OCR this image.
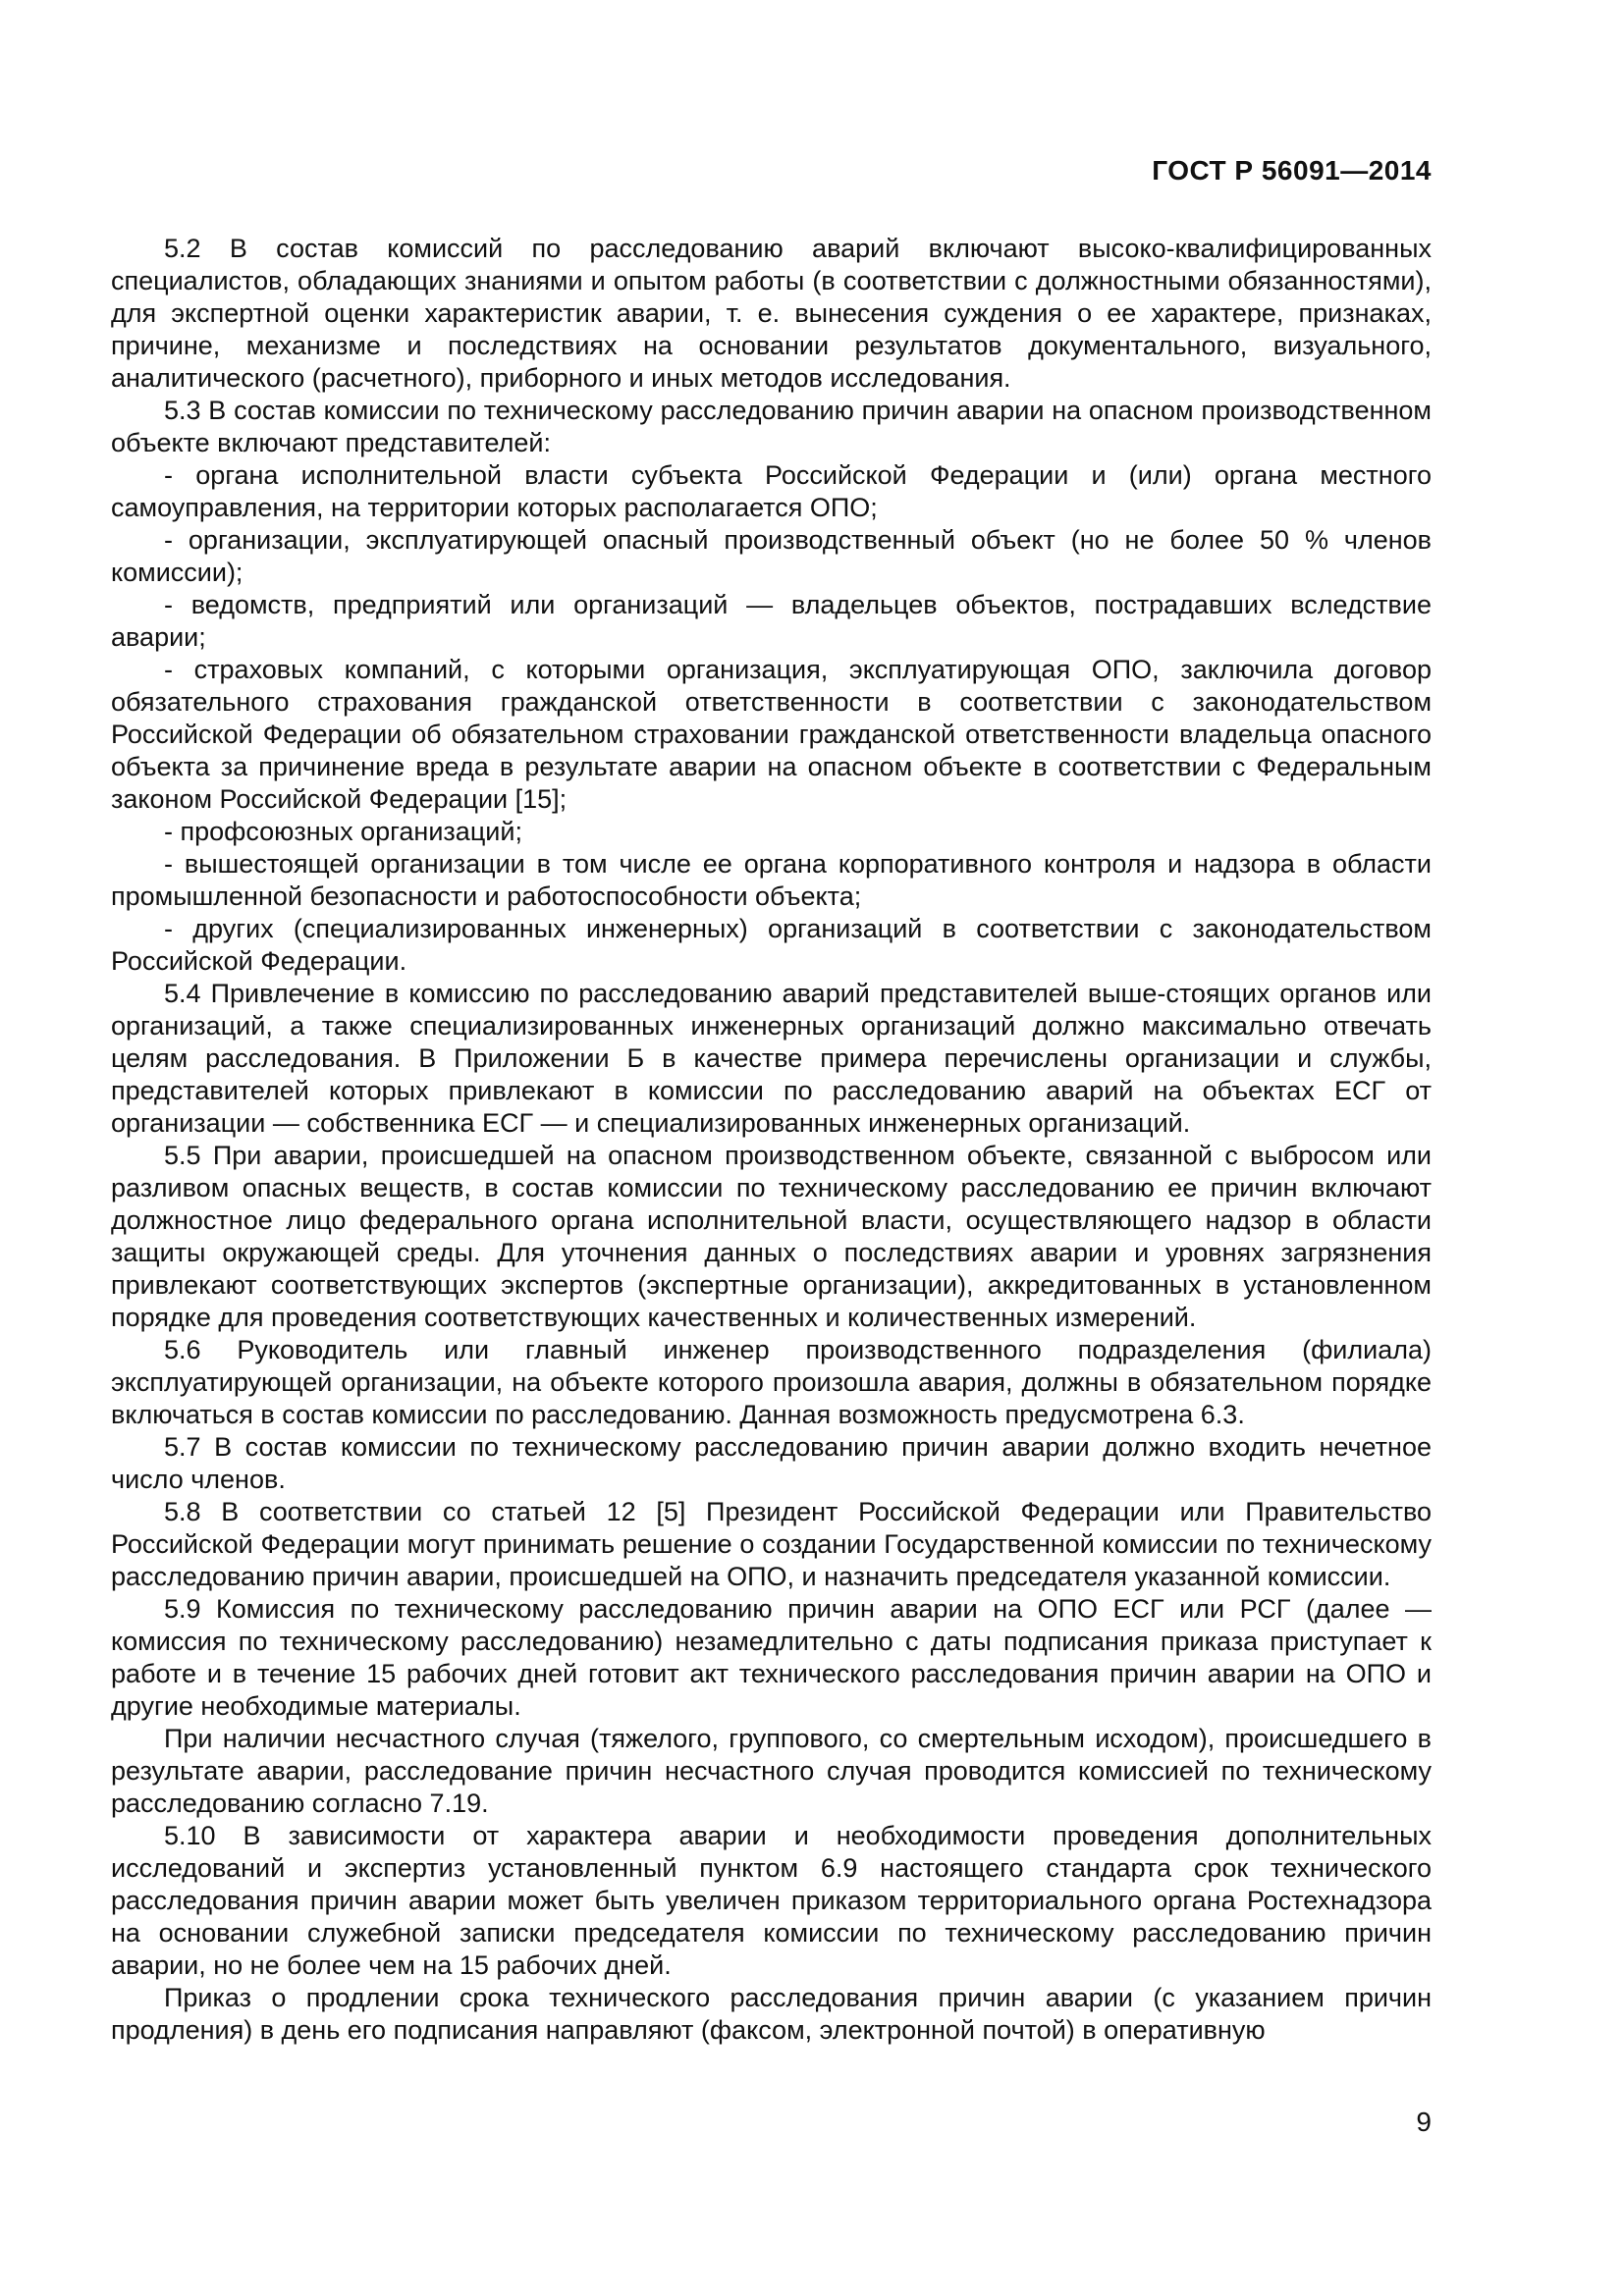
ГОСТ Р 56091—2014

5.2 В состав комиссий по расследованию аварий включают высоко-квалифицированных специалистов, обладающих знаниями и опытом работы (в соответствии с должностными обязанностями), для экспертной оценки характеристик аварии, т. е. вынесения суждения о ее характере, признаках, причине, механизме и последствиях на основании результатов документального, визуального, аналитического (расчетного), приборного и иных методов исследования.

5.3 В состав комиссии по техническому расследованию причин аварии на опасном производственном объекте включают представителей:

- органа исполнительной власти субъекта Российской Федерации и (или) органа местного самоуправления, на территории которых располагается ОПО;

- организации, эксплуатирующей опасный производственный объект (но не более 50 % членов комиссии);

- ведомств, предприятий или организаций — владельцев объектов, пострадавших вследствие аварии;

- страховых компаний, с которыми организация, эксплуатирующая ОПО, заключила договор обязательного страхования гражданской ответственности в соответствии с законодательством Российской Федерации об обязательном страховании гражданской ответственности владельца опасного объекта за причинение вреда в результате аварии на опасном объекте в соответствии с Федеральным законом Российской Федерации [15];

- профсоюзных организаций;

- вышестоящей организации в том числе ее органа корпоративного контроля и надзора в области промышленной безопасности и работоспособности объекта;

- других (специализированных инженерных) организаций в соответствии с законодательством Российской Федерации.

5.4 Привлечение в комиссию по расследованию аварий представителей выше-стоящих органов или организаций, а также специализированных инженерных организаций должно максимально отвечать целям расследования. В Приложении Б в качестве примера перечислены организации и службы, представителей которых привлекают в комиссии по расследованию аварий на объектах ЕСГ от организации — собственника ЕСГ — и специализированных инженерных организаций.

5.5 При аварии, происшедшей на опасном производственном объекте, связанной с выбросом или разливом опасных веществ, в состав комиссии по техническому расследованию ее причин включают должностное лицо федерального органа исполнительной власти, осуществляющего надзор в области защиты окружающей среды. Для уточнения данных о последствиях аварии и уровнях загрязнения привлекают соответствующих экспертов (экспертные организации), аккредитованных в установленном порядке для проведения соответствующих качественных и количественных измерений.

5.6 Руководитель или главный инженер производственного подразделения (филиала) эксплуатирующей организации, на объекте которого произошла авария, должны в обязательном порядке включаться в состав комиссии по расследованию. Данная возможность предусмотрена 6.3.

5.7 В состав комиссии по техническому расследованию причин аварии должно входить нечетное число членов.

5.8 В соответствии со статьей 12 [5] Президент Российской Федерации или Правительство Российской Федерации могут принимать решение о создании Государственной комиссии по техническому расследованию причин аварии, происшедшей на ОПО, и назначить председателя указанной комиссии.

5.9 Комиссия по техническому расследованию причин аварии на ОПО ЕСГ или РСГ (далее — комиссия по техническому расследованию) незамедлительно с даты подписания приказа приступает к работе и в течение 15 рабочих дней готовит акт технического расследования причин аварии на ОПО и другие необходимые материалы.

При наличии несчастного случая (тяжелого, группового, со смертельным исходом), происшедшего в результате аварии, расследование причин несчастного случая проводится комиссией по техническому расследованию согласно 7.19.

5.10 В зависимости от характера аварии и необходимости проведения дополнительных исследований и экспертиз установленный пунктом 6.9 настоящего стандарта срок технического расследования причин аварии может быть увеличен приказом территориального органа Ростехнадзора на основании служебной записки председателя комиссии по техническому расследованию причин аварии, но не более чем на 15 рабочих дней.

Приказ о продлении срока технического расследования причин аварии (с указанием причин продления) в день его подписания направляют (факсом, электронной почтой) в оперативную

9
